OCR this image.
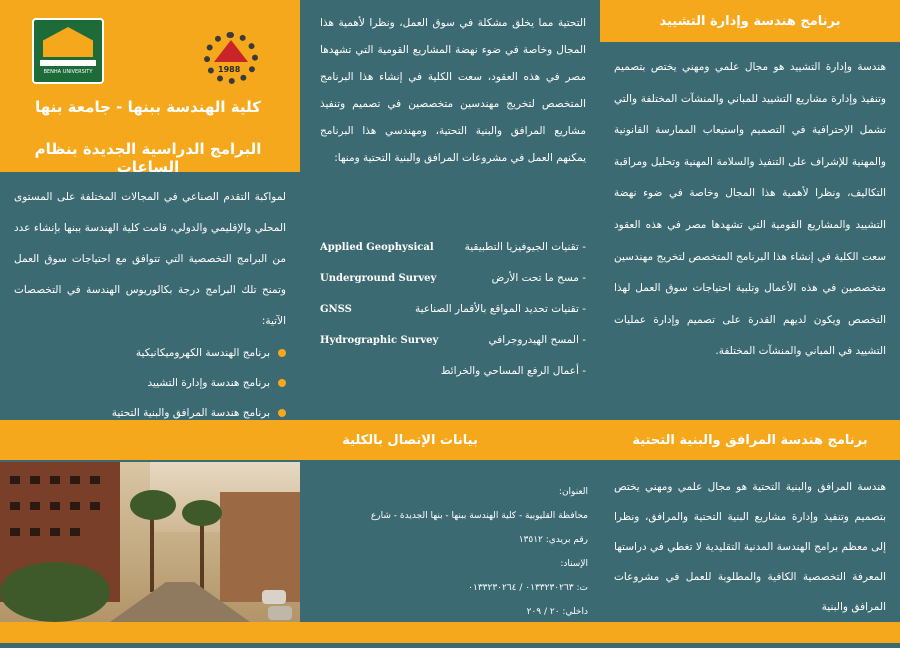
BENHA UNIVERSITY	1988
كلية الهندسة ببنها - جامعة بنها
البرامج الدراسية الجديدة بنظام الساعات

لمواكبة التقدم الصناعي في المجالات المختلفة على المستوى المحلي والإقليمي والدولي، قامت كلية الهندسة ببنها بإنشاء عدد من البرامج التخصصية التي تتوافق مع احتياجات سوق العمل وتمنح تلك البرامج درجة بكالوريوس الهندسة في التخصصات الآتية:

برنامج الهندسة الكهروميكانيكية
برنامج هندسة وإدارة التشييد
برنامج هندسة المرافق والبنية التحتية

التحتية مما يخلق مشكلة في سوق العمل، ونظرا لأهمية هذا المجال وخاصة في ضوء نهضة المشاريع القومية التي تشهدها مصر في هذه العقود، سعت الكلية في إنشاء هذا البرنامج المتخصص لتخريج مهندسين متخصصين في تصميم وتنفيذ مشاريع المرافق والبنية التحتية، ومهندسي هذا البرنامج يمكنهم العمل في مشروعات المرافق والبنية التحتية ومنها:

Applied Geophysical	- تقنيات الجيوفيزيا التطبيقية
Underground Survey	- مسح ما تحت الأرض
GNSS	- تقنيات تحديد المواقع بالأقمار الصناعية
Hydrographic Survey	- المسح الهيدروجرافي
- أعمال الرفع المساحي والخرائط
برنامج هندسة وإدارة التشييد

هندسة وإدارة التشييد هو مجال علمي ومهني يختص بتصميم وتنفيذ وإدارة مشاريع التشييد للمباني والمنشآت المختلفة والتي تشمل الإحترافية في التصميم واستيعاب الممارسة القانونية والمهنية للإشراف على التنفيذ والسلامة المهنية وتحليل ومراقبة التكاليف، ونظرا لأهمية هذا المجال وخاصة في ضوء نهضة التشييد والمشاريع القومية التي تشهدها مصر في هذه العقود سعت الكلية في إنشاء هذا البرنامج المتخصص لتخريج مهندسين متخصصين في هذه الأعمال وتلبية احتياجات سوق العمل لهذا التخصص ويكون لديهم القدرة على تصميم وإدارة عمليات التشييد في المباني والمنشآت المختلفة.

بيانات الإتصال بالكلية	برنامج هندسة المرافق والبنية التحتية
العنوان:
محافظة القليوبية - كلية الهندسة ببنها - بنها الجديدة - شارع
رقم بريدي: ١٣٥١٢
الإسناد:
ت: ٠١٣٣٢٣٠٢٦٣ / ٠١٣٣٢٣٠٢٦٤
داخلي: ٢٠ / ٢٠٩

هندسة المرافق والبنية التحتية هو مجال علمي ومهني يختص بتصميم وتنفيذ وإدارة مشاريع البنية التحتية والمرافق، ونظرا إلى معظم برامج الهندسة المدنية التقليدية لا تغطي في دراستها المعرفة التخصصية الكافية والمطلوبة للعمل في مشروعات المرافق والبنية
